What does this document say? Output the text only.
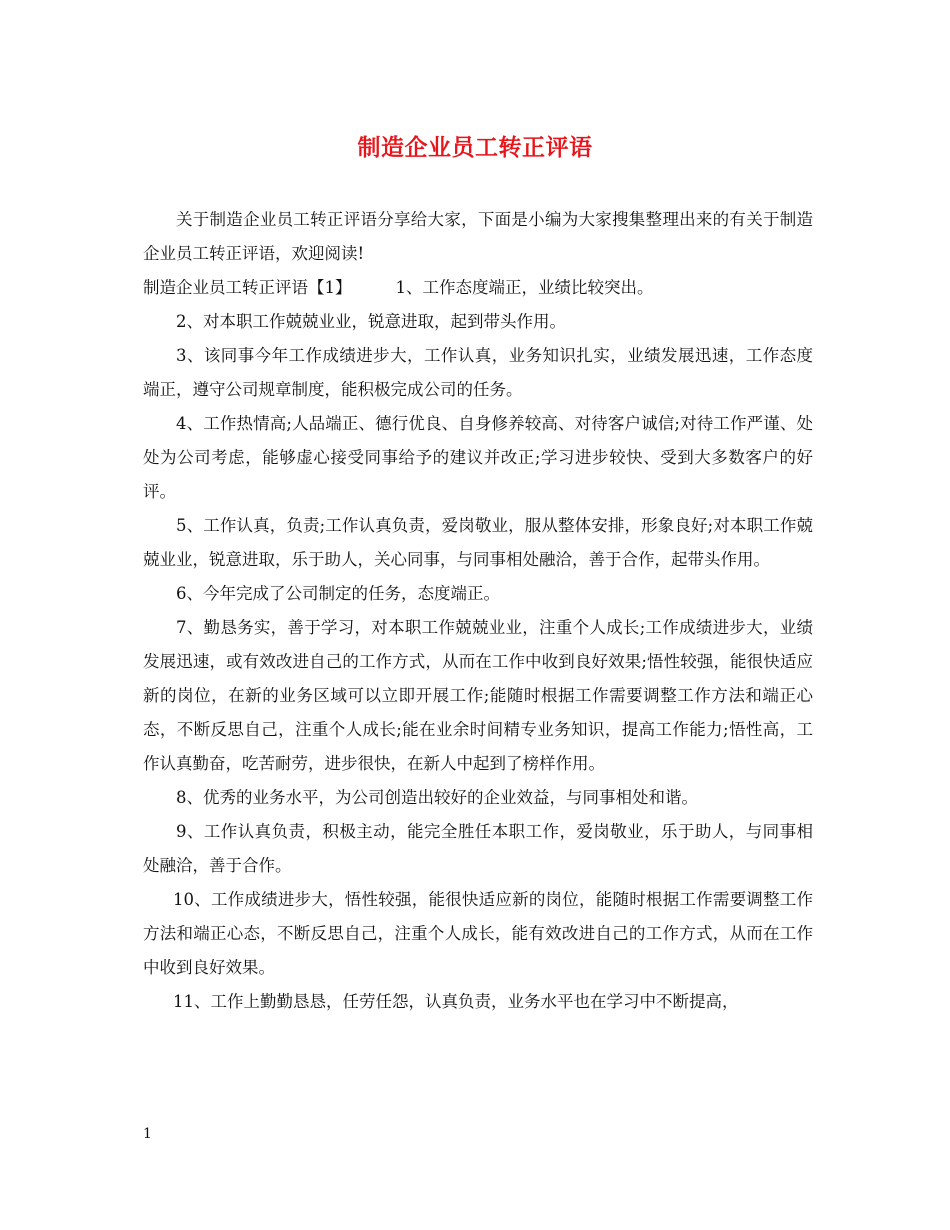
制造企业员工转正评语

关于制造企业员工转正评语分享给大家，下面是小编为大家搜集整理出来的有关于制造企业员工转正评语，欢迎阅读!

制造企业员工转正评语【1】	1、工作态度端正，业绩比较突出。

2、对本职工作兢兢业业，锐意进取，起到带头作用。

3、该同事今年工作成绩进步大，工作认真，业务知识扎实，业绩发展迅速，工作态度端正，遵守公司规章制度，能积极完成公司的任务。

4、工作热情高;人品端正、德行优良、自身修养较高、对待客户诚信;对待工作严谨、处处为公司考虑，能够虚心接受同事给予的建议并改正;学习进步较快、受到大多数客户的好评。

5、工作认真，负责;工作认真负责，爱岗敬业，服从整体安排，形象良好;对本职工作兢兢业业，锐意进取，乐于助人，关心同事，与同事相处融洽，善于合作，起带头作用。

6、今年完成了公司制定的任务，态度端正。

7、勤恳务实，善于学习，对本职工作兢兢业业，注重个人成长;工作成绩进步大，业绩发展迅速，或有效改进自己的工作方式，从而在工作中收到良好效果;悟性较强，能很快适应新的岗位，在新的业务区域可以立即开展工作;能随时根据工作需要调整工作方法和端正心态，不断反思自己，注重个人成长;能在业余时间精专业务知识，提高工作能力;悟性高，工作认真勤奋，吃苦耐劳，进步很快，在新人中起到了榜样作用。

8、优秀的业务水平，为公司创造出较好的企业效益，与同事相处和谐。

9、工作认真负责，积极主动，能完全胜任本职工作，爱岗敬业，乐于助人，与同事相处融洽，善于合作。

10、工作成绩进步大，悟性较强，能很快适应新的岗位，能随时根据工作需要调整工作方法和端正心态，不断反思自己，注重个人成长，能有效改进自己的工作方式，从而在工作中收到良好效果。

11、工作上勤勤恳恳，任劳任怨，认真负责，业务水平也在学习中不断提高，

1
